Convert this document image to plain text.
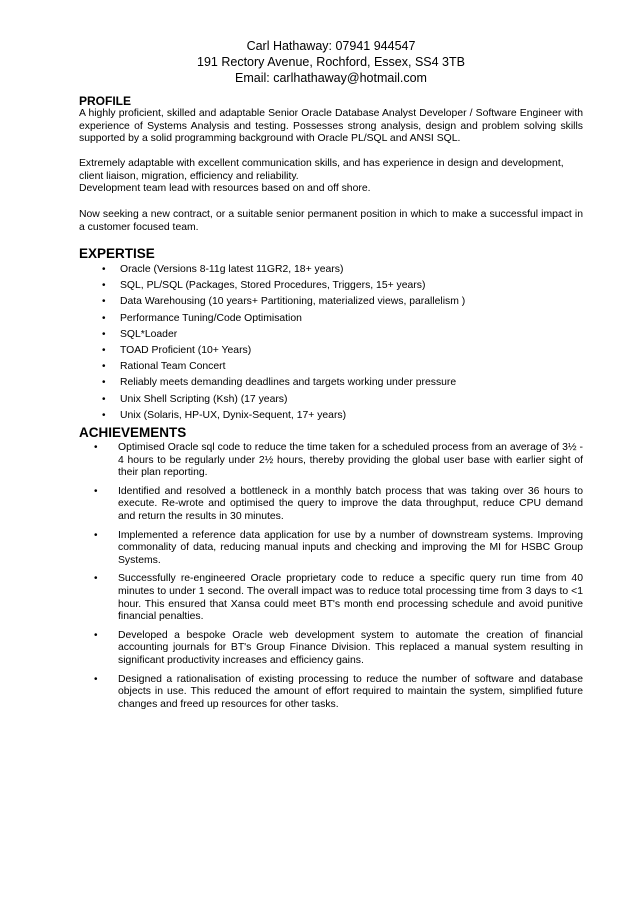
Carl Hathaway: 07941 944547
191 Rectory Avenue, Rochford, Essex, SS4 3TB
Email: carlhathaway@hotmail.com
PROFILE
A highly proficient, skilled and adaptable Senior Oracle Database Analyst Developer / Software Engineer with experience of Systems Analysis and testing. Possesses strong analysis, design and problem solving skills supported by a solid programming background with Oracle PL/SQL and ANSI SQL.
Extremely adaptable with excellent communication skills, and has experience in design and development,
client liaison, migration, efficiency and reliability.
Development team lead with resources based on and off shore.
Now seeking a new contract, or a suitable senior permanent position in which to make a successful impact in a customer focused team.
EXPERTISE
• Oracle (Versions 8-11g latest 11GR2, 18+ years)
• SQL, PL/SQL (Packages, Stored Procedures, Triggers, 15+ years)
• Data Warehousing (10 years+ Partitioning, materialized views, parallelism )
• Performance Tuning/Code Optimisation
• SQL*Loader
• TOAD Proficient (10+ Years)
• Rational Team Concert
• Reliably meets demanding deadlines and targets working under pressure
• Unix Shell Scripting (Ksh) (17 years)
• Unix (Solaris, HP-UX, Dynix-Sequent, 17+ years)
ACHIEVEMENTS
• Optimised Oracle sql code to reduce the time taken for a scheduled process from an average of 3½ - 4 hours to be regularly under 2½ hours, thereby providing the global user base with earlier sight of their plan reporting.
• Identified and resolved a bottleneck in a monthly batch process that was taking over 36 hours to execute. Re-wrote and optimised the query to improve the data throughput, reduce CPU demand and return the results in 30 minutes.
• Implemented a reference data application for use by a number of downstream systems. Improving commonality of data, reducing manual inputs and checking and improving the MI for HSBC Group Systems.
• Successfully re-engineered Oracle proprietary code to reduce a specific query run time from 40 minutes to under 1 second. The overall impact was to reduce total processing time from 3 days to <1 hour. This ensured that Xansa could meet BT's month end processing schedule and avoid punitive financial penalties.
• Developed a bespoke Oracle web development system to automate the creation of financial accounting journals for BT's Group Finance Division. This replaced a manual system resulting in significant productivity increases and efficiency gains.
• Designed a rationalisation of existing processing to reduce the number of software and database objects in use. This reduced the amount of effort required to maintain the system, simplified future changes and freed up resources for other tasks.
